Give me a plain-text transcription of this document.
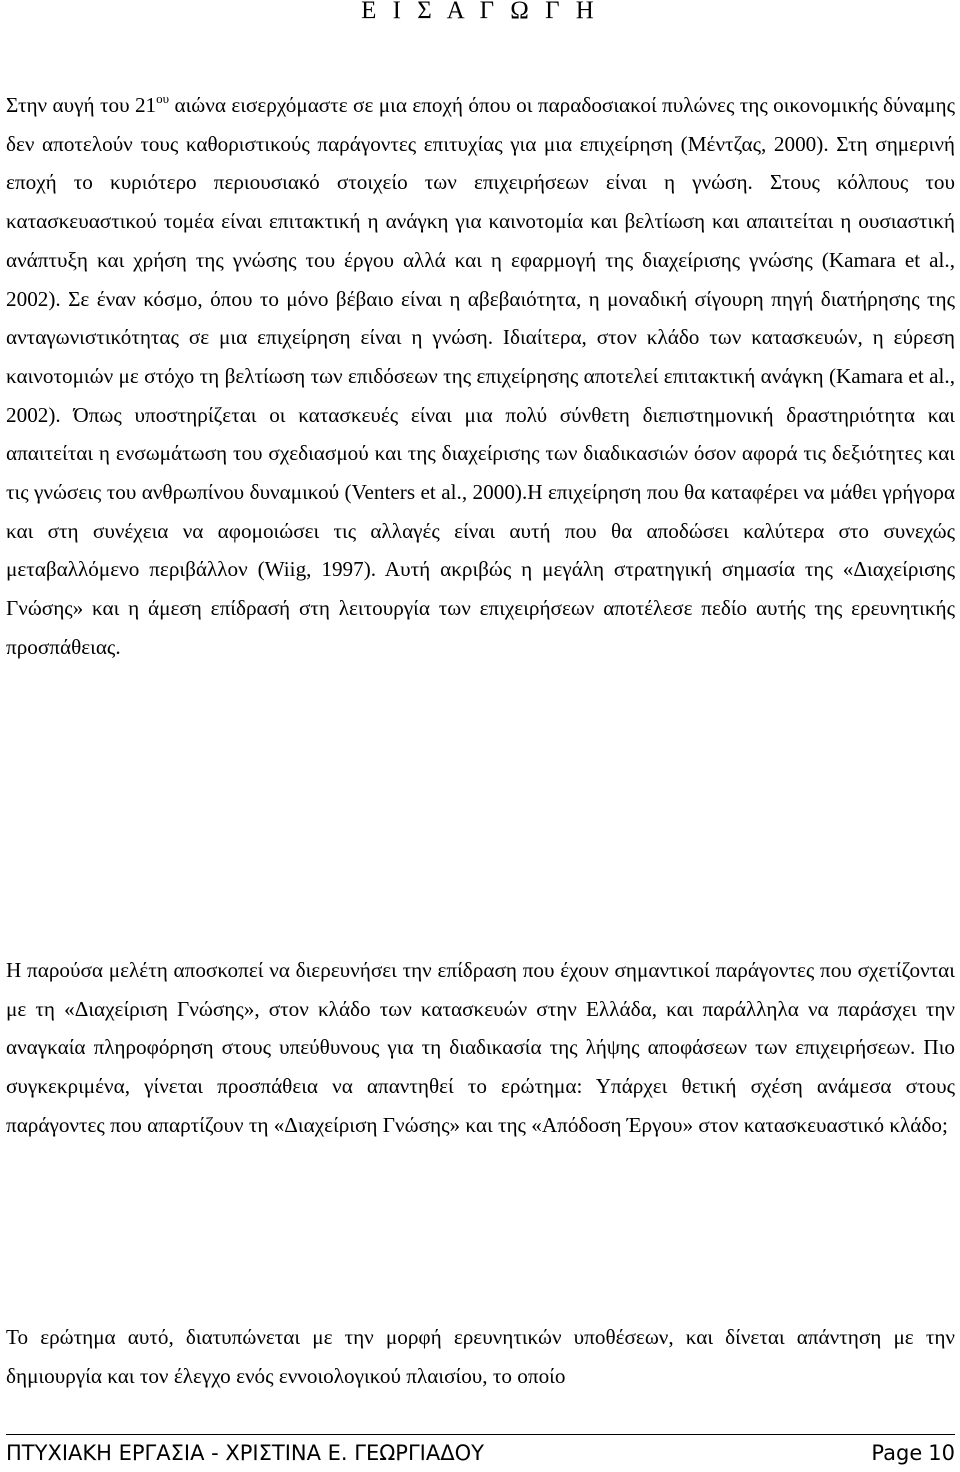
Ε Ι Σ Α Γ Ω Γ Η

Στην αυγή του $21^{o\upsilon}$ αιώνα εισερχόμαστε σε μια εποχή όπου οι παραδοσιακοί πυλώνες της οικονομικής δύναμης δεν αποτελούν τους καθοριστικούς παράγοντες επιτυχίας για μια επιχείρηση (Μέντζας, 2000). Στη σημερινή εποχή το κυριότερο περιουσιακό στοιχείο των επιχειρήσεων είναι η γνώση. Στους κόλπους του κατασκευαστικού τομέα είναι επιτακτική η ανάγκη για καινοτομία και βελτίωση και απαιτείται η ουσιαστική ανάπτυξη και χρήση της γνώσης του έργου αλλά και η εφαρμογή της διαχείρισης γνώσης (Kamara et al., 2002). Σε έναν κόσμο, όπου το μόνο βέβαιο είναι η αβεβαιότητα, η μοναδική σίγουρη πηγή διατήρησης της ανταγωνιστικότητας σε μια επιχείρηση είναι η γνώση. Ιδιαίτερα, στον κλάδο των κατασκευών, η εύρεση καινοτομιών με στόχο τη βελτίωση των επιδόσεων της επιχείρησης αποτελεί επιτακτική ανάγκη (Kamara et al., 2002). Όπως υποστηρίζεται οι κατασκευές είναι μια πολύ σύνθετη διεπιστημονική δραστηριότητα και απαιτείται η ενσωμάτωση του σχεδιασμού και της διαχείρισης των διαδικασιών όσον αφορά τις δεξιότητες και τις γνώσεις του ανθρωπίνου δυναμικού (Venters et al., 2000).Η επιχείρηση που θα καταφέρει να μάθει γρήγορα και στη συνέχεια να αφομοιώσει τις αλλαγές είναι αυτή που θα αποδώσει καλύτερα στο συνεχώς μεταβαλλόμενο περιβάλλον (Wiig, 1997). Αυτή ακριβώς η μεγάλη στρατηγική σημασία της «Διαχείρισης Γνώσης» και η άμεση επίδρασή στη λειτουργία των επιχειρήσεων αποτέλεσε πεδίο αυτής της ερευνητικής προσπάθειας.

Η παρούσα μελέτη αποσκοπεί να διερευνήσει την επίδραση που έχουν σημαντικοί παράγοντες που σχετίζονται με τη «Διαχείριση Γνώσης», στον κλάδο των κατασκευών στην Ελλάδα, και παράλληλα να παράσχει την αναγκαία πληροφόρηση στους υπεύθυνους για τη διαδικασία της λήψης αποφάσεων των επιχειρήσεων. Πιο συγκεκριμένα, γίνεται προσπάθεια να απαντηθεί το ερώτημα: Υπάρχει θετική σχέση ανάμεσα στους παράγοντες που απαρτίζουν τη «Διαχείριση Γνώσης» και της «Απόδοση Έργου» στον κατασκευαστικό κλάδο;

Το ερώτημα αυτό, διατυπώνεται με την μορφή ερευνητικών υποθέσεων, και δίνεται απάντηση με την δημιουργία και τον έλεγχο ενός εννοιολογικού πλαισίου, το οποίο

ΠΤΥΧΙΑΚΗ ΕΡΓΑΣΙΑ - ΧΡΙΣΤΙΝΑ Ε. ΓΕΩΡΓΙΑΔΟΥ	Page 10
